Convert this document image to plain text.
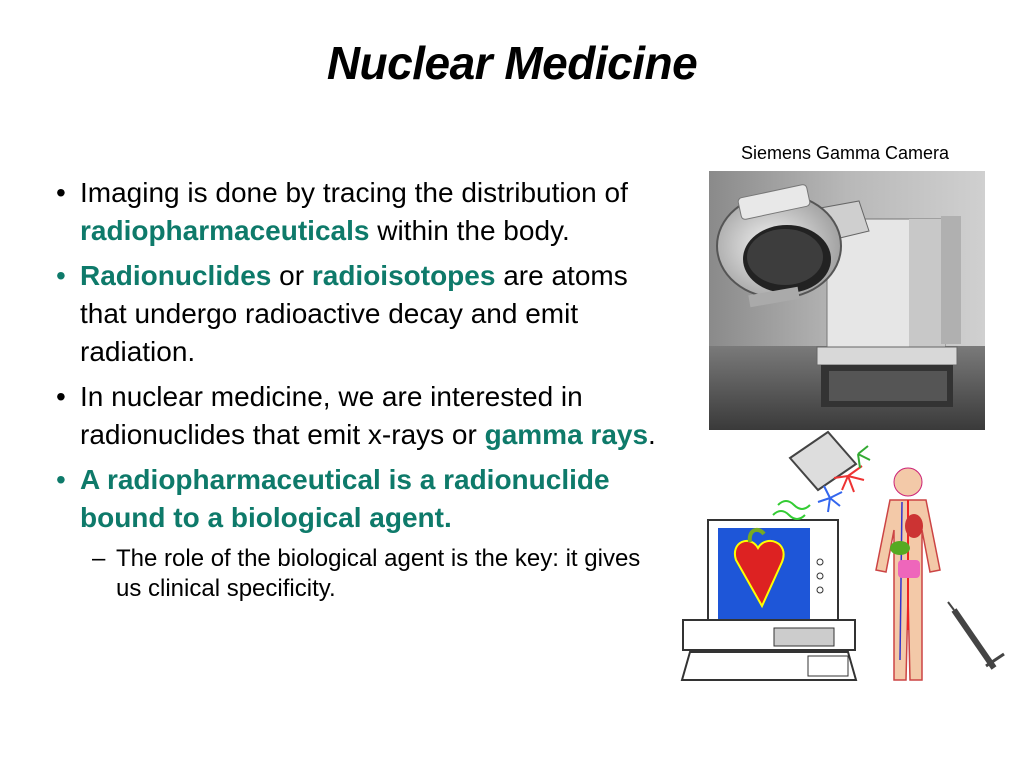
Nuclear Medicine
• Imaging is done by tracing the distribution of radiopharmaceuticals within the body.
• Radionuclides or radioisotopes are atoms that undergo radioactive decay and emit radiation.
• In nuclear medicine, we are interested in radionuclides that emit x-rays or gamma rays.
• A radiopharmaceutical is a radionuclide bound to a biological agent.
– The role of the biological agent is the key: it gives us clinical specificity.
Siemens Gamma Camera
